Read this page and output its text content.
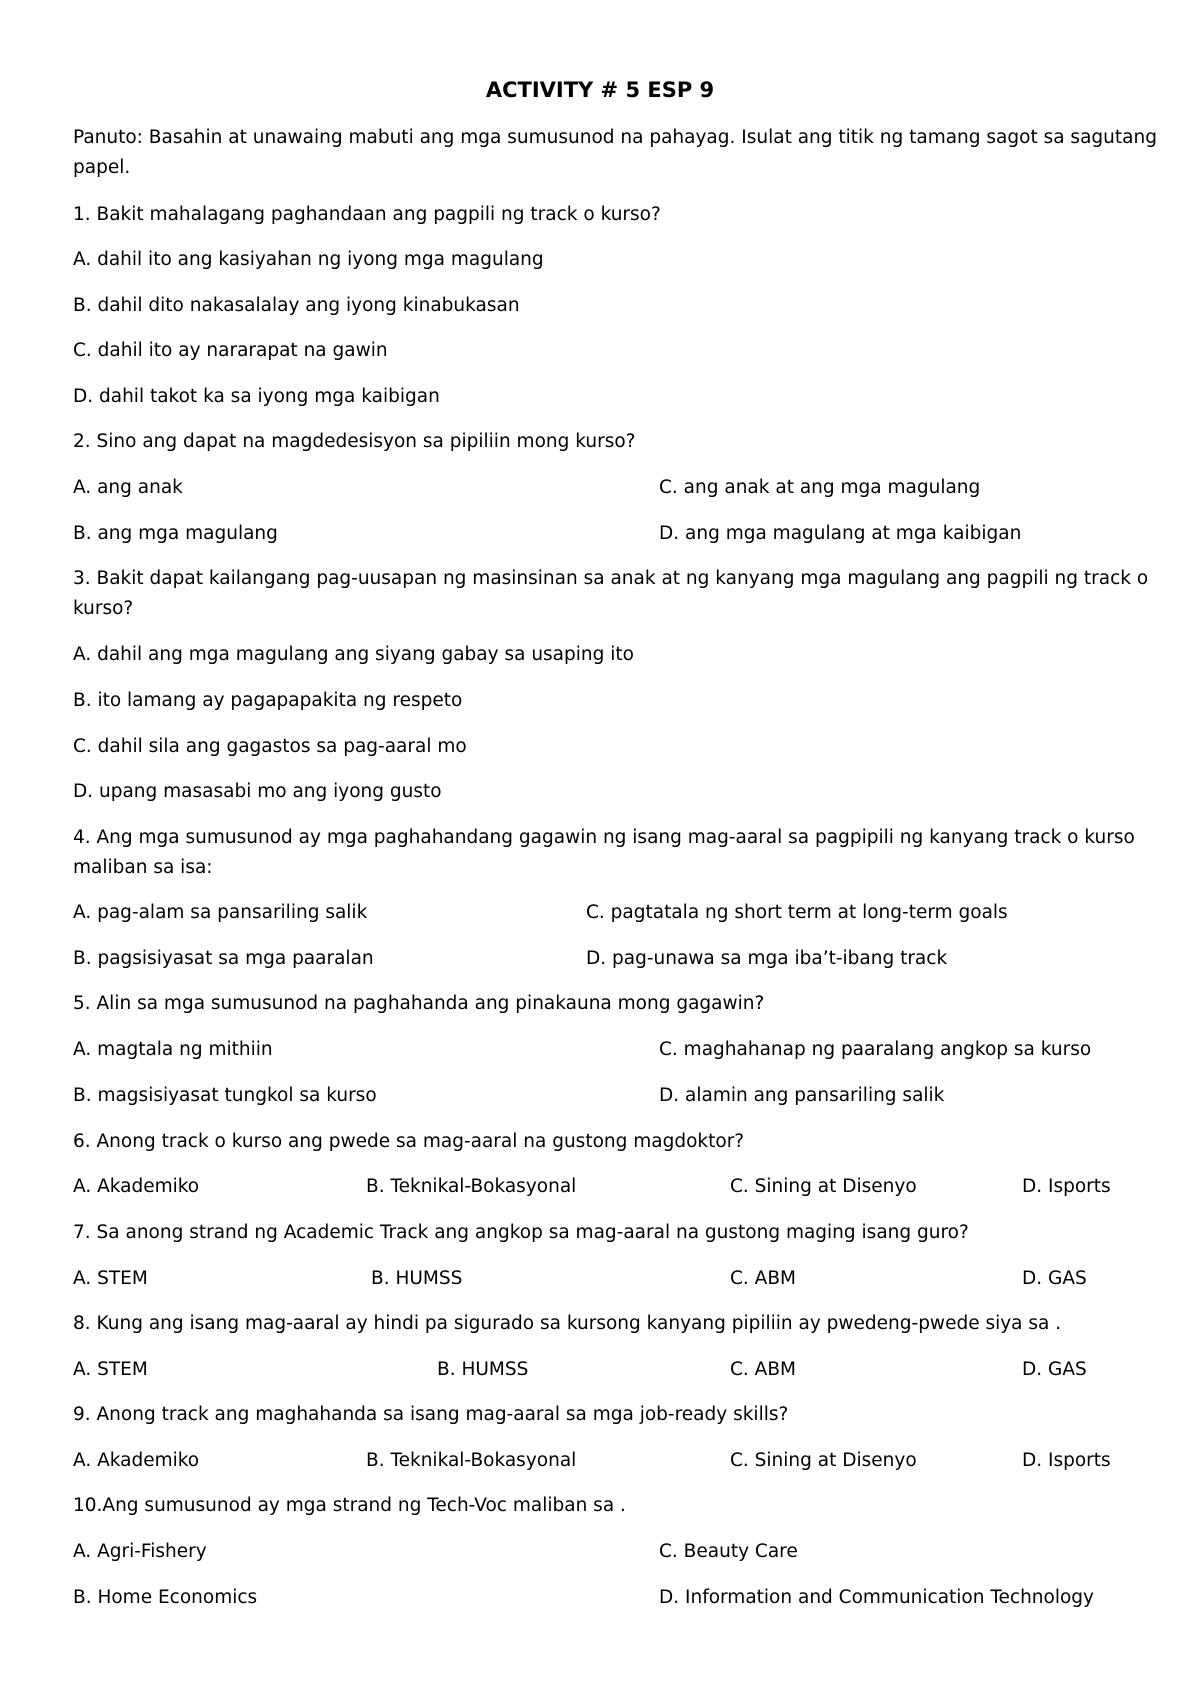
ACTIVITY # 5 ESP 9
Panuto: Basahin at unawaing mabuti ang mga sumusunod na pahayag. Isulat ang titik ng tamang sagot sa sagutang
papel.
1. Bakit mahalagang paghandaan ang pagpili ng track o kurso?
A. dahil ito ang kasiyahan ng iyong mga magulang
B. dahil dito nakasalalay ang iyong kinabukasan
C. dahil ito ay nararapat na gawin
D. dahil takot ka sa iyong mga kaibigan
2. Sino ang dapat na magdedesisyon sa pipiliin mong kurso?
A. ang anak	C. ang anak at ang mga magulang
B. ang mga magulang	D. ang mga magulang at mga kaibigan
3. Bakit dapat kailangang pag-uusapan ng masinsinan sa anak at ng kanyang mga magulang ang pagpili ng track o
kurso?
A. dahil ang mga magulang ang siyang gabay sa usaping ito
B. ito lamang ay pagapapakita ng respeto
C. dahil sila ang gagastos sa pag-aaral mo
D. upang masasabi mo ang iyong gusto
4. Ang mga sumusunod ay mga paghahandang gagawin ng isang mag-aaral sa pagpipili ng kanyang track o kurso
maliban sa isa:
A. pag-alam sa pansariling salik	C. pagtatala ng short term at long-term goals
B. pagsisiyasat sa mga paaralan	D. pag-unawa sa mga iba’t-ibang track
5. Alin sa mga sumusunod na paghahanda ang pinakauna mong gagawin?
A. magtala ng mithiin	C. maghahanap ng paaralang angkop sa kurso
B. magsisiyasat tungkol sa kurso	D. alamin ang pansariling salik
6. Anong track o kurso ang pwede sa mag-aaral na gustong magdoktor?
A. Akademiko	B. Teknikal-Bokasyonal	C. Sining at Disenyo	D. Isports
7. Sa anong strand ng Academic Track ang angkop sa mag-aaral na gustong maging isang guro?
A. STEM	B. HUMSS	C. ABM	D. GAS
8. Kung ang isang mag-aaral ay hindi pa sigurado sa kursong kanyang pipiliin ay pwedeng-pwede siya sa .
A. STEM	B. HUMSS	C. ABM	D. GAS
9. Anong track ang maghahanda sa isang mag-aaral sa mga job-ready skills?
A. Akademiko	B. Teknikal-Bokasyonal	C. Sining at Disenyo	D. Isports
10.Ang sumusunod ay mga strand ng Tech-Voc maliban sa .
A. Agri-Fishery	C. Beauty Care
B. Home Economics	D. Information and Communication Technology
